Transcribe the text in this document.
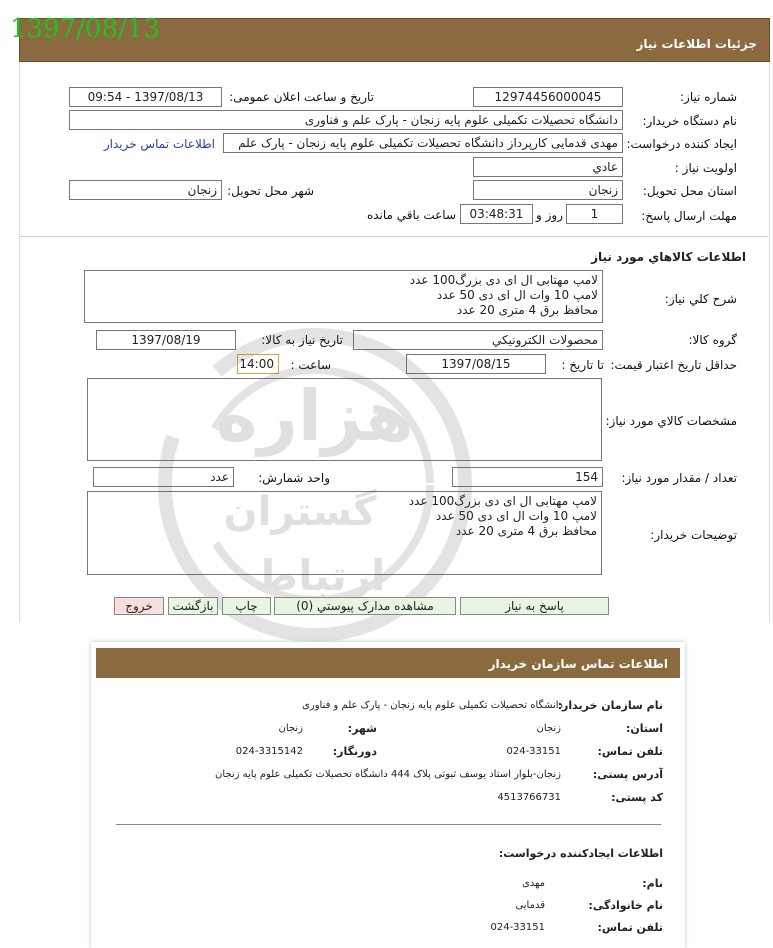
1397/08/13	جزئيات اطلاعات نياز
شماره نياز:
12974456000045
تاريخ و ساعت اعلان عمومی:
1397/08/13 - 09:54
نام دستگاه خريدار:
دانشگاه تحصيلات تكميلی علوم پايه زنجان - پارک علم و فناوری
ايجاد كننده درخواست:
مهدی قدمايی كارپرداز دانشگاه تحصيلات تكميلی علوم پايه زنجان - پارک علم
اطلاعات تماس خريدار
اولويت نياز :
عادي
استان محل تحويل:
زنجان
شهر محل تحويل:
زنجان
مهلت ارسال پاسخ:
1
روز و
03:48:31
ساعت باقي مانده
اطلاعات كالاهاي مورد نياز
شرح كلي نياز:
لامپ مهتابی ال ای دی بزرگ100 عدد
لامپ 10 وات ال ای دی 50 عدد
محافظ برق 4 متری 20 عدد
گروه كالا:
محصولات الكترونيكي
تاريخ نياز به كالا:
1397/08/19
حداقل تاريخ اعتبار قيمت:
تا تاريخ :
1397/08/15
ساعت :
14:00
مشخصات كالاي مورد نياز:
تعداد / مقدار مورد نياز:
154
واحد شمارش:
عدد
توضيحات خريدار:
لامپ مهتابی ال ای دی بزرگ100 عدد
لامپ 10 وات ال ای دی 50 عدد
محافظ برق 4 متری 20 عدد
پاسخ به نياز
مشاهده مدارک پيوستي (0)
چاپ
بازگشت
خروج
اطلاعات تماس سازمان خريدار
نام سازمان خريدار:
دانشگاه تحصيلات تكميلی علوم پايه زنجان - پارک علم و فناوری
استان:
زنجان
شهر:
زنجان
تلفن تماس:
024-33151
دورنگار:
024-3315142
آدرس پستی:
زنجان-بلوار استاد يوسف ثبوتی پلاک 444 دانشگاه تحصيلات تكميلی علوم پايه زنجان
كد پستی:
4513766731
اطلاعات ايجادكننده درخواست:
نام:
مهدی
نام خانوادگی:
قدمايی
تلفن تماس:
024-33151
